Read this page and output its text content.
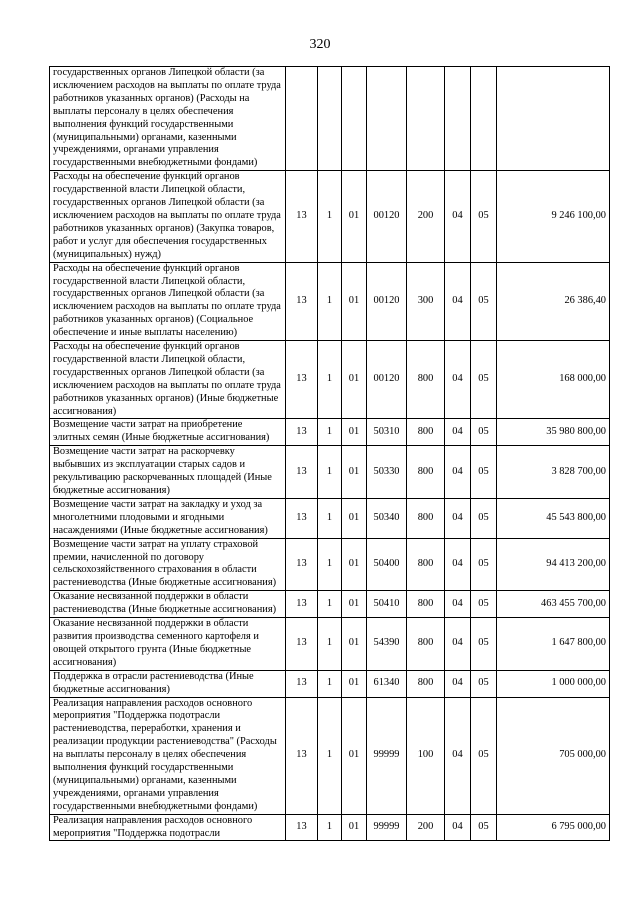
320
государственных органов Липецкой области (за исключением расходов на выплаты по оплате труда работников указанных органов) (Расходы на выплаты персоналу в целях обеспечения выполнения функций государственными (муниципальными) органами, казенными учреждениями, органами управления государственными внебюджетными фондами)								
Расходы на обеспечение функций органов государственной власти Липецкой области, государственных органов Липецкой области (за исключением расходов на выплаты по оплате труда работников указанных органов) (Закупка товаров, работ и услуг для обеспечения государственных (муниципальных) нужд)	13	1	01	00120	200	04	05	9 246 100,00
Расходы на обеспечение функций органов государственной власти Липецкой области, государственных органов Липецкой области (за исключением расходов на выплаты по оплате труда работников указанных органов) (Социальное обеспечение и иные выплаты населению)	13	1	01	00120	300	04	05	26 386,40
Расходы на обеспечение функций органов государственной власти Липецкой области, государственных органов Липецкой области (за исключением расходов на выплаты по оплате труда работников указанных органов) (Иные бюджетные ассигнования)	13	1	01	00120	800	04	05	168 000,00
Возмещение части затрат на приобретение элитных семян (Иные бюджетные ассигнования)	13	1	01	50310	800	04	05	35 980 800,00
Возмещение части затрат на раскорчевку выбывших из эксплуатации старых садов и рекультивацию раскорчеванных площадей (Иные бюджетные ассигнования)	13	1	01	50330	800	04	05	3 828 700,00
Возмещение части затрат на закладку и уход за многолетними плодовыми и ягодными насаждениями (Иные бюджетные ассигнования)	13	1	01	50340	800	04	05	45 543 800,00
Возмещение части затрат на уплату страховой премии, начисленной по договору сельскохозяйственного страхования в области растениеводства (Иные бюджетные ассигнования)	13	1	01	50400	800	04	05	94 413 200,00
Оказание несвязанной поддержки в области растениеводства (Иные бюджетные ассигнования)	13	1	01	50410	800	04	05	463 455 700,00
Оказание несвязанной поддержки в области развития производства семенного картофеля и овощей открытого грунта (Иные бюджетные ассигнования)	13	1	01	54390	800	04	05	1 647 800,00
Поддержка в отрасли растениеводства (Иные бюджетные ассигнования)	13	1	01	61340	800	04	05	1 000 000,00
Реализация направления расходов основного мероприятия "Поддержка подотрасли растениеводства, переработки, хранения и реализации продукции растениеводства" (Расходы на выплаты персоналу в целях обеспечения выполнения функций государственными (муниципальными) органами, казенными учреждениями, органами управления государственными внебюджетными фондами)	13	1	01	99999	100	04	05	705 000,00
Реализация направления расходов основного мероприятия "Поддержка подотрасли	13	1	01	99999	200	04	05	6 795 000,00
